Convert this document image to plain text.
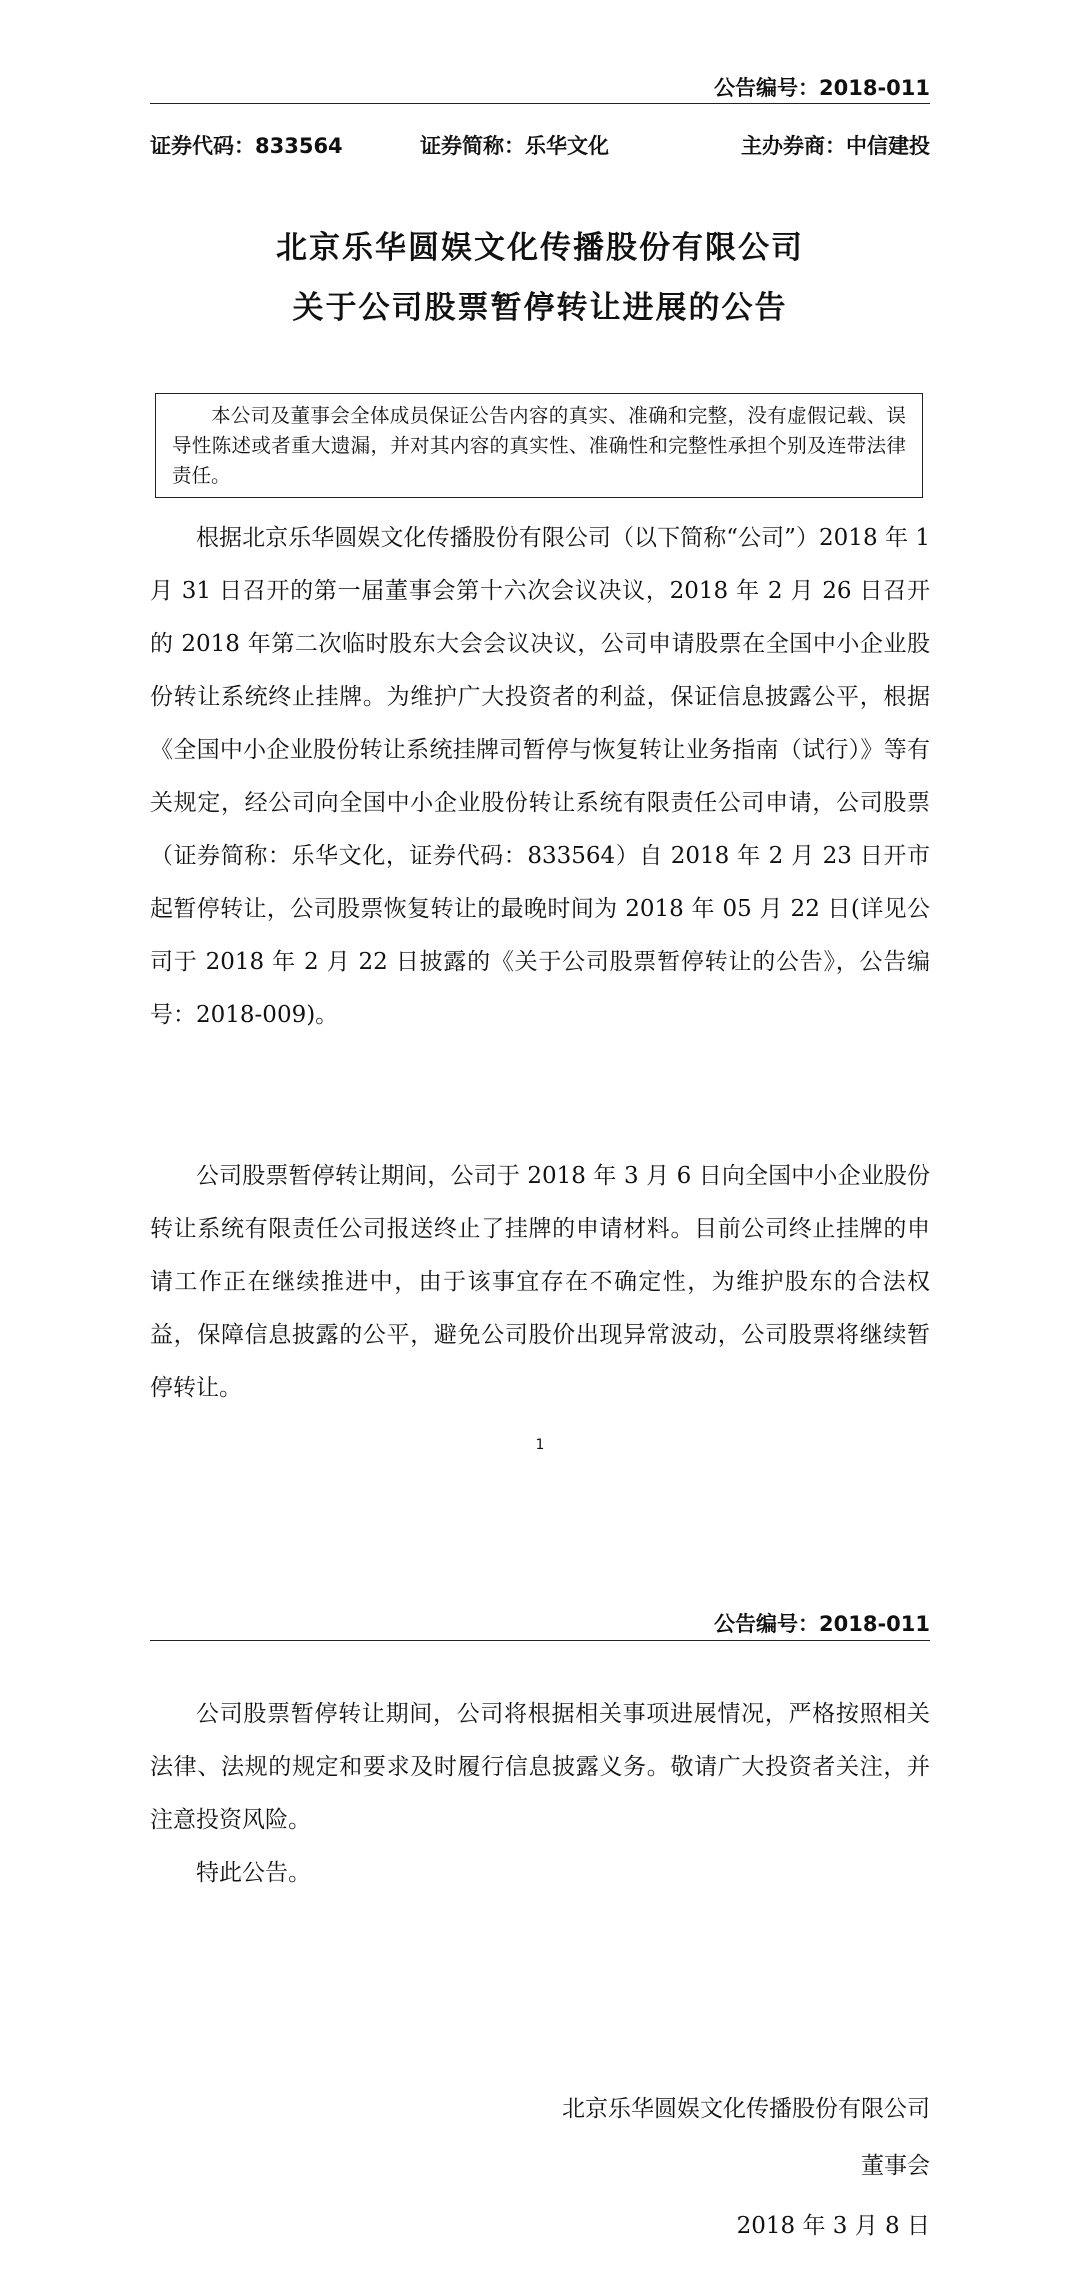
公告编号：2018-011
证券代码：833564	证券简称：乐华文化	主办券商：中信建投
北京乐华圆娱文化传播股份有限公司
关于公司股票暂停转让进展的公告
本公司及董事会全体成员保证公告内容的真实、准确和完整，没有虚假记载、误导性陈述或者重大遗漏，并对其内容的真实性、准确性和完整性承担个别及连带法律责任。

根据北京乐华圆娱文化传播股份有限公司（以下简称“公司”）2018 年 1 月 31 日召开的第一届董事会第十六次会议决议，2018 年 2 月 26 日召开的 2018 年第二次临时股东大会会议决议，公司申请股票在全国中小企业股份转让系统终止挂牌。为维护广大投资者的利益，保证信息披露公平，根据《全国中小企业股份转让系统挂牌司暂停与恢复转让业务指南（试行）》等有关规定，经公司向全国中小企业股份转让系统有限责任公司申请，公司股票（证券简称：乐华文化，证券代码：833564）自 2018 年 2 月 23 日开市起暂停转让，公司股票恢复转让的最晚时间为 2018 年 05 月 22 日(详见公司于 2018 年 2 月 22 日披露的《关于公司股票暂停转让的公告》，公告编号：2018-009)。

公司股票暂停转让期间，公司于 2018 年 3 月 6 日向全国中小企业股份转让系统有限责任公司报送终止了挂牌的申请材料。目前公司终止挂牌的申请工作正在继续推进中，由于该事宜存在不确定性，为维护股东的合法权益，保障信息披露的公平，避免公司股价出现异常波动，公司股票将继续暂停转让。

1
公告编号：2018-011

公司股票暂停转让期间，公司将根据相关事项进展情况，严格按照相关法律、法规的规定和要求及时履行信息披露义务。敬请广大投资者关注，并注意投资风险。

特此公告。

北京乐华圆娱文化传播股份有限公司
董事会
2018 年 3 月 8 日
